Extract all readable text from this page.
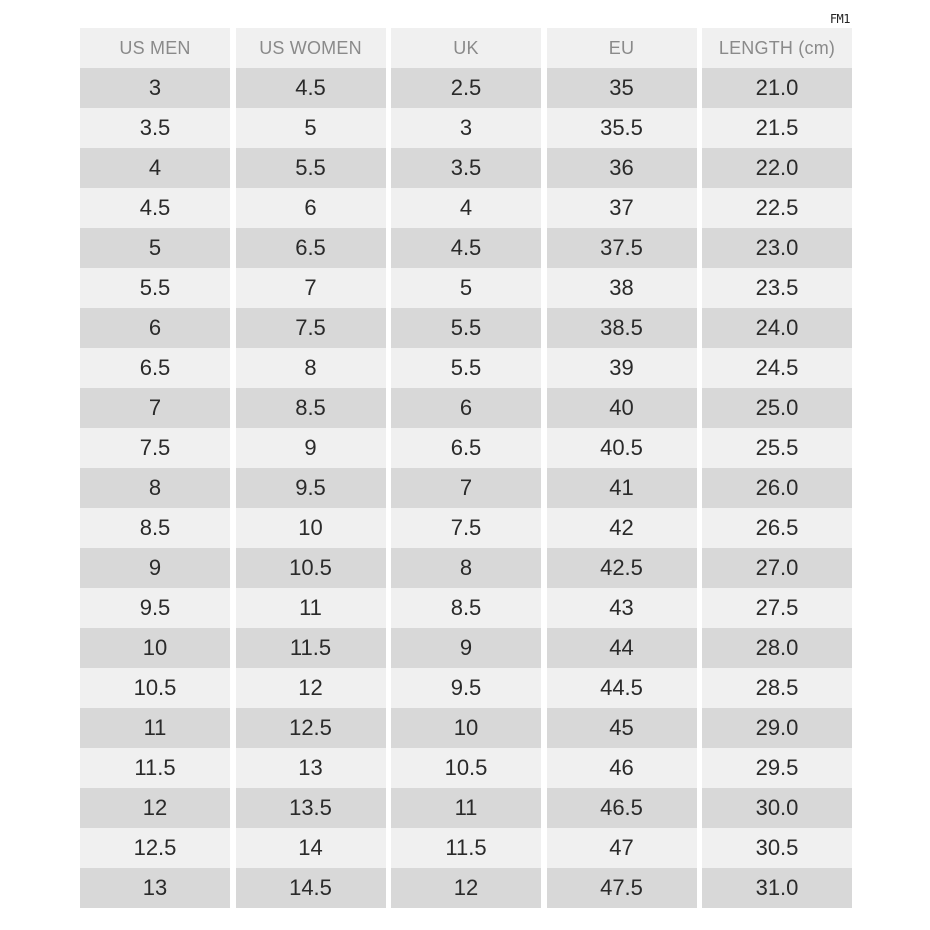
FM1
US MEN	US WOMEN	UK	EU	LENGTH (cm)
3	4.5	2.5	35	21.0
3.5	5	3	35.5	21.5
4	5.5	3.5	36	22.0
4.5	6	4	37	22.5
5	6.5	4.5	37.5	23.0
5.5	7	5	38	23.5
6	7.5	5.5	38.5	24.0
6.5	8	5.5	39	24.5
7	8.5	6	40	25.0
7.5	9	6.5	40.5	25.5
8	9.5	7	41	26.0
8.5	10	7.5	42	26.5
9	10.5	8	42.5	27.0
9.5	11	8.5	43	27.5
10	11.5	9	44	28.0
10.5	12	9.5	44.5	28.5
11	12.5	10	45	29.0
11.5	13	10.5	46	29.5
12	13.5	11	46.5	30.0
12.5	14	11.5	47	30.5
13	14.5	12	47.5	31.0
